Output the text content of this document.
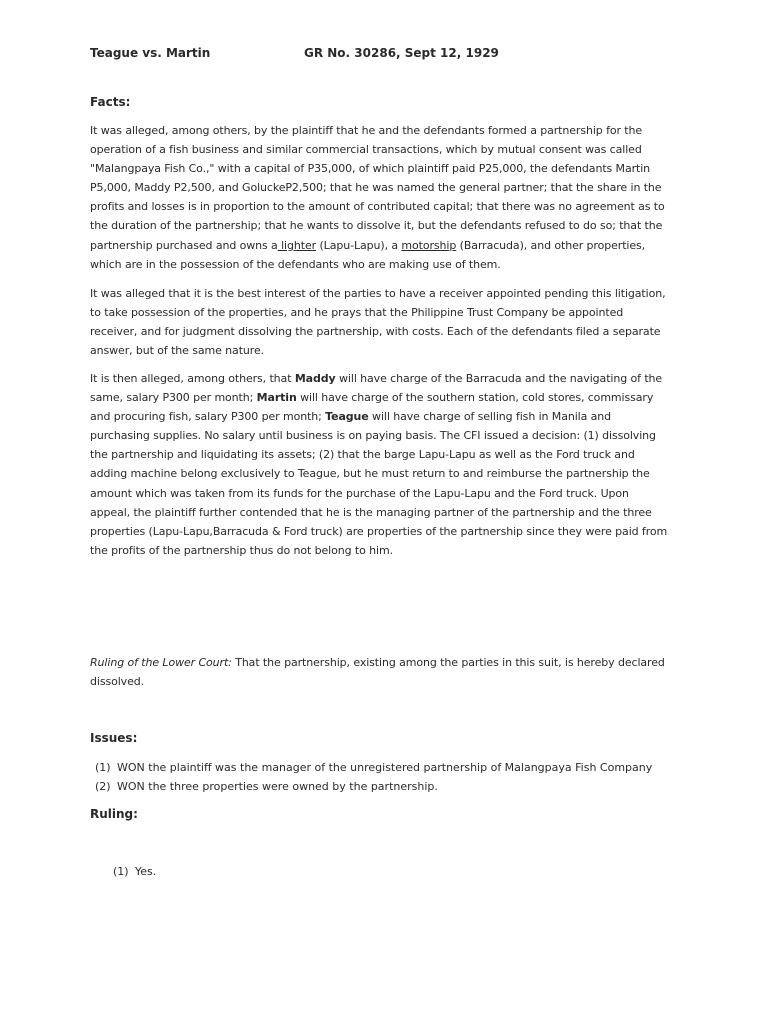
Teague vs. Martin	GR No. 30286, Sept 12, 1929
Facts:
It was alleged, among others, by the plaintiff that he and the defendants formed a partnership for the
operation of a fish business and similar commercial transactions, which by mutual consent was called
"Malangpaya Fish Co.," with a capital of P35,000, of which plaintiff paid P25,000, the defendants Martin
P5,000, Maddy P2,500, and GoluckeP2,500; that he was named the general partner; that the share in the
profits and losses is in proportion to the amount of contributed capital; that there was no agreement as to
the duration of the partnership; that he wants to dissolve it, but the defendants refused to do so; that the
partnership purchased and owns a lighter (Lapu-Lapu), a motorship (Barracuda), and other properties,
which are in the possession of the defendants who are making use of them.
It was alleged that it is the best interest of the parties to have a receiver appointed pending this litigation,
to take possession of the properties, and he prays that the Philippine Trust Company be appointed
receiver, and for judgment dissolving the partnership, with costs. Each of the defendants filed a separate
answer, but of the same nature.
It is then alleged, among others, that Maddy will have charge of the Barracuda and the navigating of the
same, salary P300 per month; Martin will have charge of the southern station, cold stores, commissary
and procuring fish, salary P300 per month; Teague will have charge of selling fish in Manila and
purchasing supplies. No salary until business is on paying basis. The CFI issued a decision: (1) dissolving
the partnership and liquidating its assets; (2) that the barge Lapu-Lapu as well as the Ford truck and
adding machine belong exclusively to Teague, but he must return to and reimburse the partnership the
amount which was taken from its funds for the purchase of the Lapu-Lapu and the Ford truck. Upon
appeal, the plaintiff further contended that he is the managing partner of the partnership and the three
properties (Lapu-Lapu,Barracuda & Ford truck) are properties of the partnership since they were paid from
the profits of the partnership thus do not belong to him.
Ruling of the Lower Court: That the partnership, existing among the parties in this suit, is hereby declared
dissolved.
Issues:
(1) WON the plaintiff was the manager of the unregistered partnership of Malangpaya Fish Company
(2) WON the three properties were owned by the partnership.
Ruling:
(1) Yes.
